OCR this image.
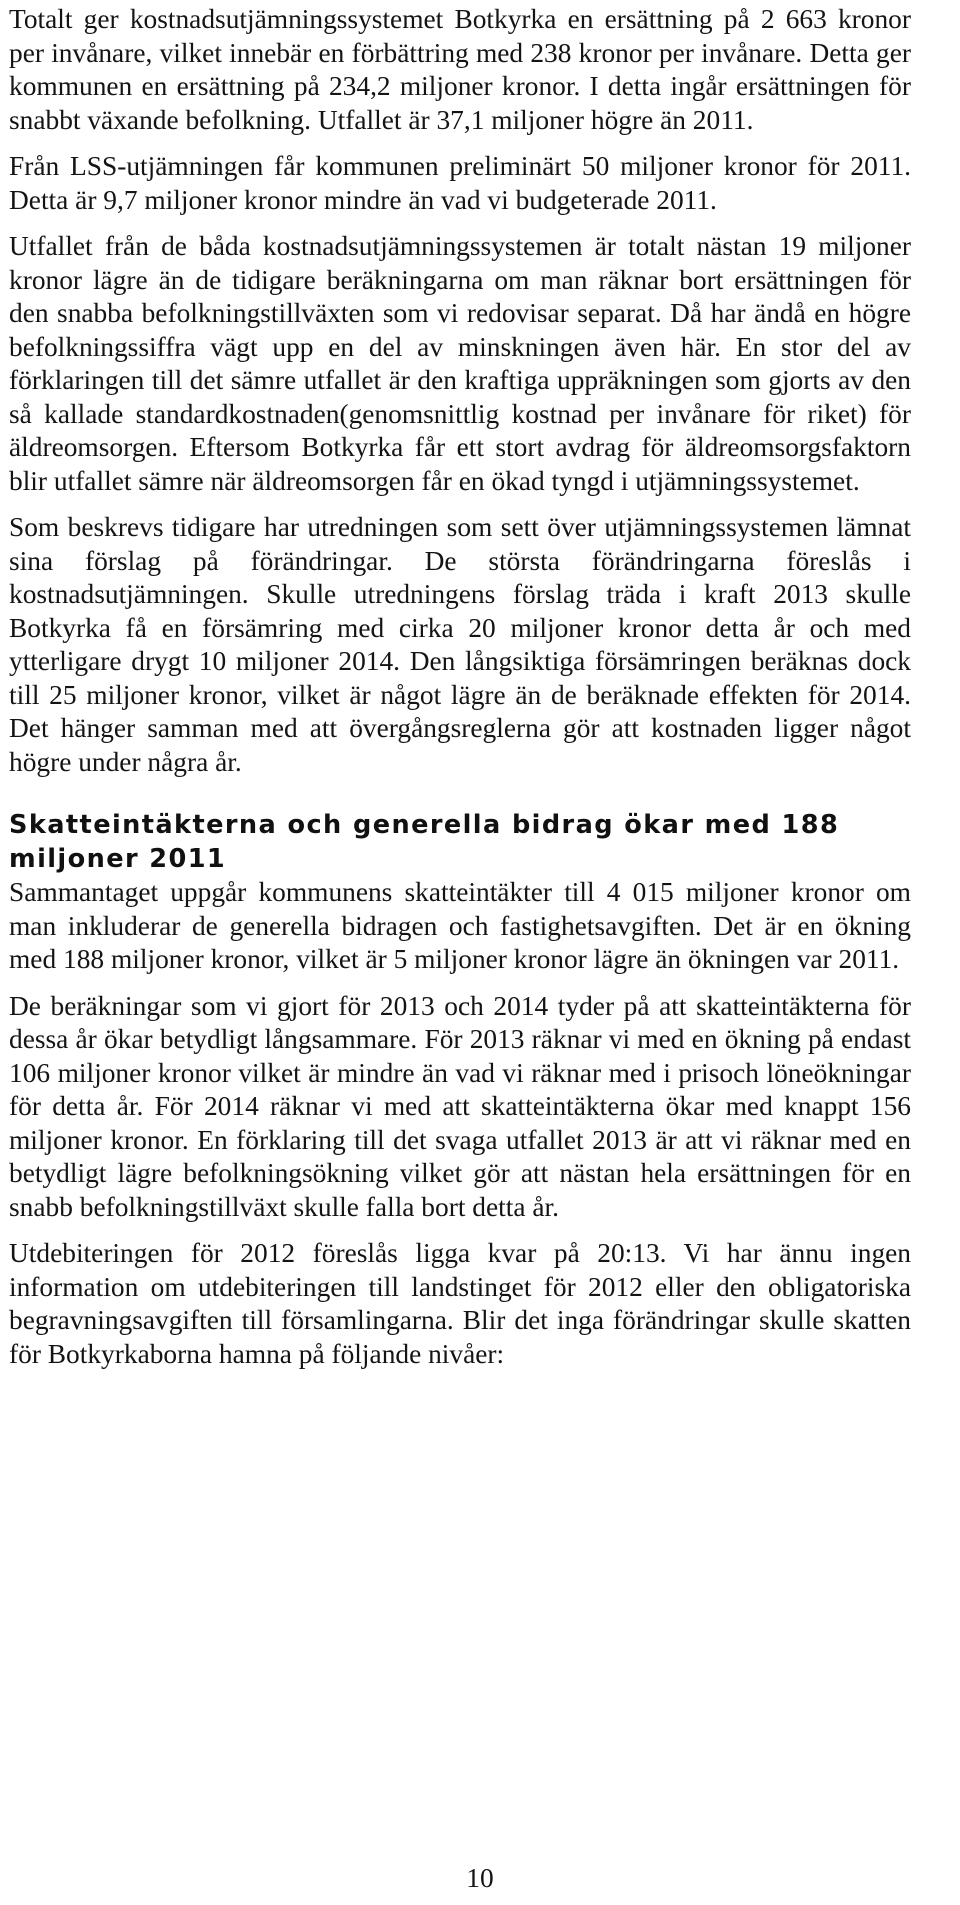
Totalt ger kostnadsutjämningssystemet Botkyrka en ersättning på 2 663 kronor per invånare, vilket innebär en förbättring med 238 kronor per invånare. Detta ger kommunen en ersättning på 234,2 miljoner kronor. I detta ingår ersättningen för snabbt växande befolkning. Utfallet är 37,1 miljoner högre än 2011.

Från LSS-utjämningen får kommunen preliminärt 50 miljoner kronor för 2011. Detta är 9,7 miljoner kronor mindre än vad vi budgeterade 2011.

Utfallet från de båda kostnadsutjämningssystemen är totalt nästan 19 miljoner kronor lägre än de tidigare beräkningarna om man räknar bort ersättningen för den snabba befolkningstillväxten som vi redovisar separat. Då har ändå en högre befolkningssiffra vägt upp en del av minskningen även här. En stor del av förklaringen till det sämre utfallet är den kraftiga uppräkningen som gjorts av den så kallade standardkostnaden(genomsnittlig kostnad per invånare för riket) för äldreomsorgen. Eftersom Botkyrka får ett stort avdrag för äldreomsorgsfaktorn blir utfallet sämre när äldreomsorgen får en ökad tyngd i utjämningssystemet.

Som beskrevs tidigare har utredningen som sett över utjämningssystemen lämnat sina förslag på förändringar. De största förändringarna föreslås i kostnadsutjämningen. Skulle utredningens förslag träda i kraft 2013 skulle Botkyrka få en försämring med cirka 20 miljoner kronor detta år och med ytterligare drygt 10 miljoner 2014. Den långsiktiga försämringen beräknas dock till 25 miljoner kronor, vilket är något lägre än de beräknade effekten för 2014. Det hänger samman med att övergångsreglerna gör att kostnaden ligger något högre under några år.

Skatteintäkterna och generella bidrag ökar med 188 miljoner 2011

Sammantaget uppgår kommunens skatteintäkter till 4 015 miljoner kronor om man inkluderar de generella bidragen och fastighetsavgiften. Det är en ökning med 188 miljoner kronor, vilket är 5 miljoner kronor lägre än ökningen var 2011.

De beräkningar som vi gjort för 2013 och 2014 tyder på att skatteintäkterna för dessa år ökar betydligt långsammare. För 2013 räknar vi med en ökning på endast 106 miljoner kronor vilket är mindre än vad vi räknar med i prisoch löneökningar för detta år. För 2014 räknar vi med att skatteintäkterna ökar med knappt 156 miljoner kronor. En förklaring till det svaga utfallet 2013 är att vi räknar med en betydligt lägre befolkningsökning vilket gör att nästan hela ersättningen för en snabb befolkningstillväxt skulle falla bort detta år.

Utdebiteringen för 2012 föreslås ligga kvar på 20:13. Vi har ännu ingen information om utdebiteringen till landstinget för 2012 eller den obligatoriska begravningsavgiften till församlingarna. Blir det inga förändringar skulle skatten för Botkyrkaborna hamna på följande nivåer:

10
